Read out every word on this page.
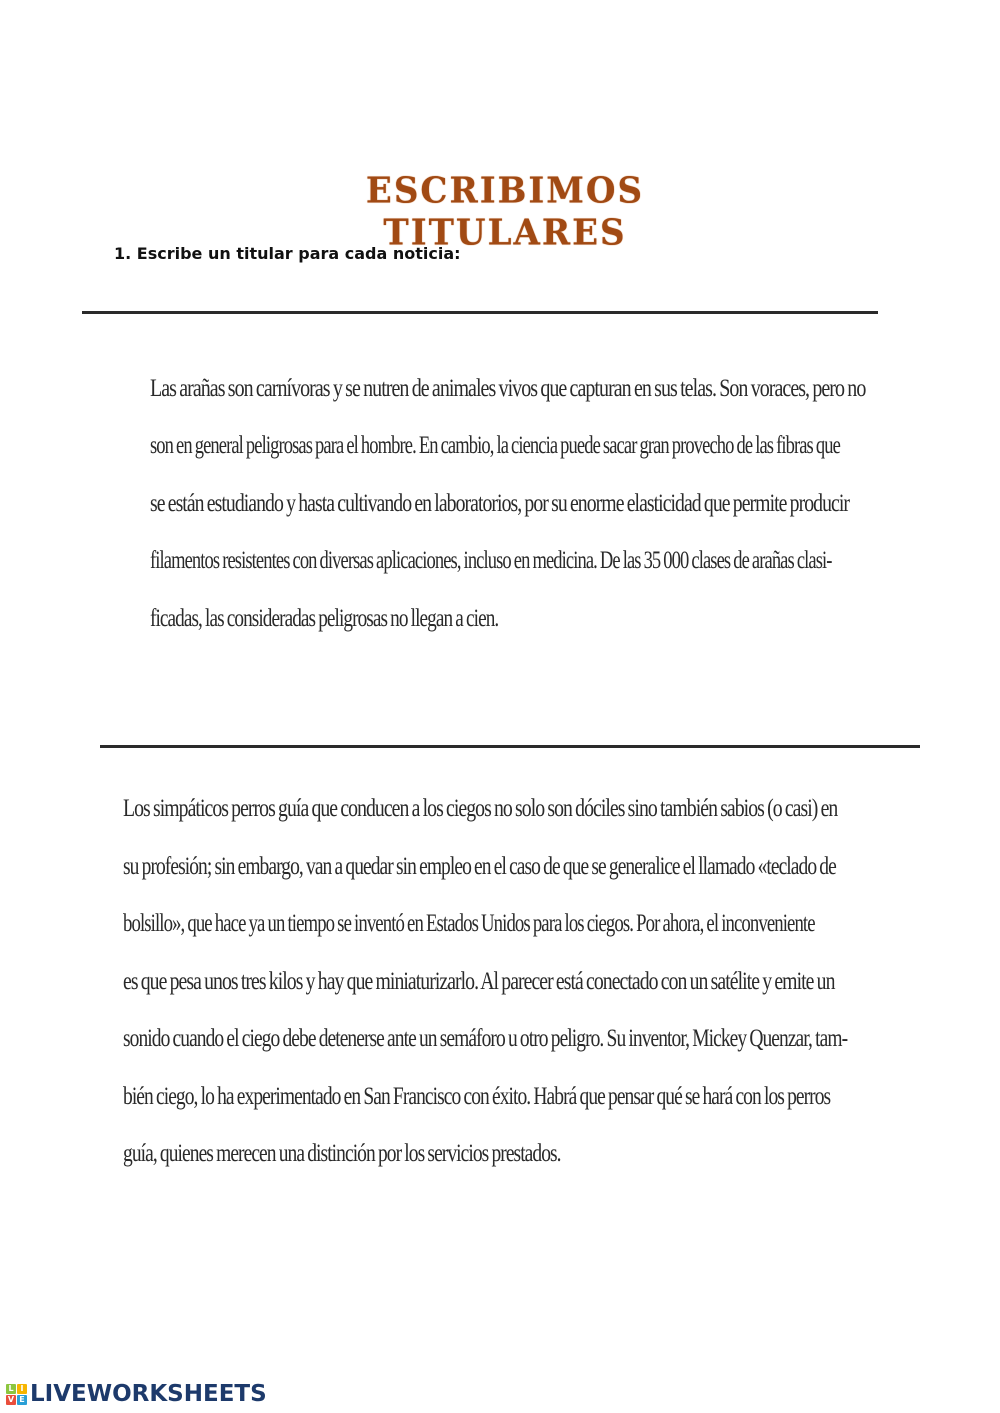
ESCRIBIMOS TITULARES
1. Escribe un titular para cada noticia:
Las arañas son carnívoras y se nutren de animales vivos que capturan en sus telas. Son voraces, pero no
son en general peligrosas para el hombre. En cambio, la ciencia puede sacar gran provecho de las fibras que
se están estudiando y hasta cultivando en laboratorios, por su enorme elasticidad que permite producir
filamentos resistentes con diversas aplicaciones, incluso en medicina. De las 35 000 clases de arañas clasi-
ficadas, las consideradas peligrosas no llegan a cien.
Los simpáticos perros guía que conducen a los ciegos no solo son dóciles sino también sabios (o casi) en
su profesión; sin embargo, van a quedar sin empleo en el caso de que se generalice el llamado «teclado de
bolsillo», que hace ya un tiempo se inventó en Estados Unidos para los ciegos. Por ahora, el inconveniente
es que pesa unos tres kilos y hay que miniaturizarlo. Al parecer está conectado con un satélite y emite un
sonido cuando el ciego debe detenerse ante un semáforo u otro peligro. Su inventor, Mickey Quenzar, tam-
bién ciego, lo ha experimentado en San Francisco con éxito. Habrá que pensar qué se hará con los perros
guía, quienes merecen una distinción por los servicios prestados.
L I
V E LIVEWORKSHEETS
